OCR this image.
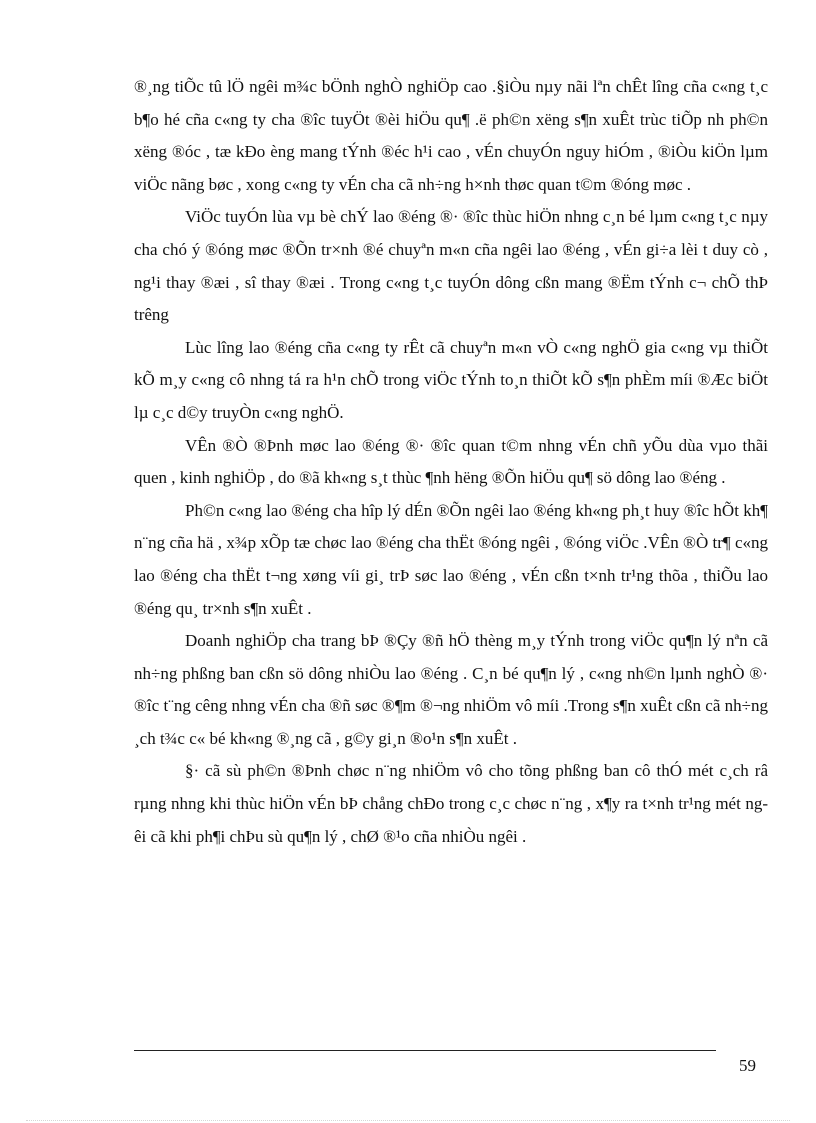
®¸ng tiÕc tû lÖ ngêi m¾c bÖnh nghÒ nghiÖp cao .§iÒu nµy nãi lªn chÊt lîng cña c«ng t¸c b¶o hé cña c«ng ty cha ®îc tuyÖt ®èi hiÖu qu¶ .ë ph©n xëng s¶n xuÊt trùc tiÕp nh ph©n xëng ®óc , tæ kÐo èng mang tÝnh ®éc h¹i cao , vÉn chuyÓn nguy hiÓm , ®iÒu kiÖn lµm viÖc nãng bøc , xong c«ng ty vÉn cha cã nh÷ng h×nh thøc quan t©m ®óng møc .

ViÖc tuyÓn lùa vµ bè chÝ lao ®éng ®· ®îc thùc hiÖn nhng c¸n bé lµm c«ng t¸c nµy cha chó ý ®óng møc ®Õn tr×nh ®é chuyªn m«n cña ngêi lao ®éng , vÉn gi÷a lèi t duy cò , ng¹i thay ®æi , sî thay ®æi . Trong c«ng t¸c tuyÓn dông cßn mang ®Ëm tÝnh c¬ chÕ thÞ trêng

Lùc lîng lao ®éng cña c«ng ty rÊt cã chuyªn m«n vÒ c«ng nghÖ gia c«ng vµ thiÕt kÕ m¸y c«ng cô nhng tá ra h¹n chÕ trong viÖc tÝnh to¸n thiÕt kÕ s¶n phÈm míi ®Æc biÖt lµ c¸c d©y truyÒn c«ng nghÖ.

VÊn ®Ò ®Þnh møc lao ®éng ®· ®îc quan t©m nhng vÉn chñ yÕu dùa vµo thãi quen , kinh nghiÖp , do ®ã kh«ng s¸t thùc ¶nh hëng ®Õn hiÖu qu¶ sö dông lao ®éng .

Ph©n c«ng lao ®éng cha hîp lý dÉn ®Õn ngêi lao ®éng kh«ng ph¸t huy ®îc hÕt kh¶ n¨ng cña hä , x¾p xÕp tæ chøc lao ®éng cha thËt ®óng ngêi , ®óng viÖc .VÊn ®Ò tr¶ c«ng lao ®éng cha thËt t¬ng xøng víi gi¸ trÞ søc lao ®éng , vÉn cßn t×nh tr¹ng thõa , thiÕu lao ®éng qu¸ tr×nh s¶n xuÊt .

Doanh nghiÖp cha trang bÞ ®Çy ®ñ hÖ thèng m¸y tÝnh trong viÖc qu¶n lý nªn cã nh÷ng phßng ban cßn sö dông nhiÒu lao ®éng . C¸n bé qu¶n lý , c«ng nh©n lµnh nghÒ ®· ®îc t¨ng cêng nhng vÉn cha ®ñ søc ®¶m ®¬ng nhiÖm vô míi .Trong s¶n xuÊt cßn cã nh÷ng ¸ch t¾c c« bé kh«ng ®¸ng cã , g©y gi¸n ®o¹n s¶n xuÊt .

§· cã sù ph©n ®Þnh chøc n¨ng nhiÖm vô cho tõng phßng ban cô thÓ mét c¸ch râ rµng nhng khi thùc hiÖn vÉn bÞ chång chÐo trong c¸c chøc n¨ng , x¶y ra t×nh tr¹ng mét ngêi cã khi ph¶i chÞu sù qu¶n lý , chØ ®¹o cña nhiÒu ngêi .

59
